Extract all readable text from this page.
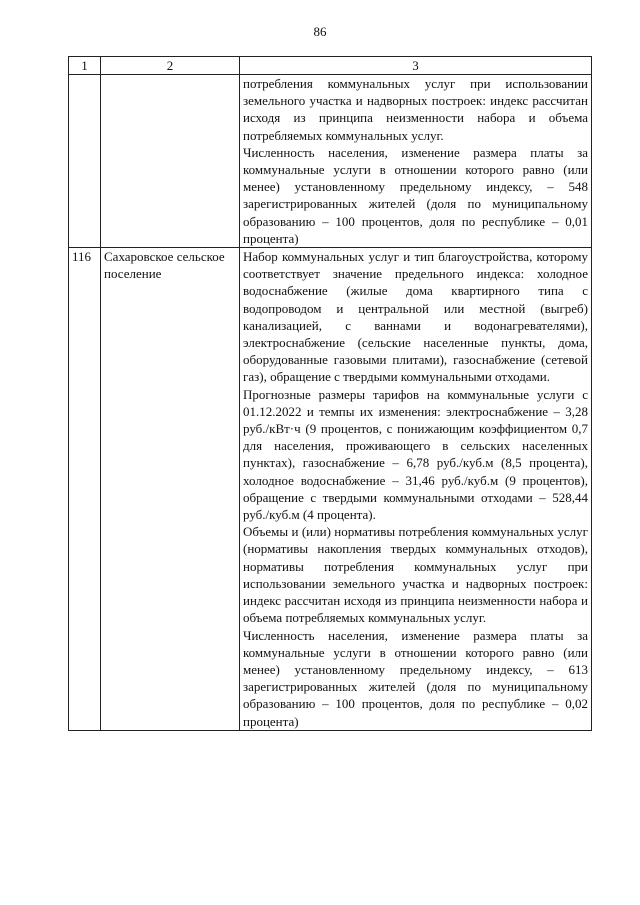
86
1	2	3

		потребления коммунальных услуг при использовании земельного участка и надворных построек: индекс рассчитан исходя из принципа неизменности набора и объема потребляемых коммунальных услуг.

Численность населения, изменение размера платы за коммунальные услуги в отношении которого равно (или менее) установленному предельному индексу, – 548 зарегистрированных жителей (доля по муниципальному образованию – 100 процентов, доля по республике – 0,01 процента)

116	Сахаровское сельское поселение	Набор коммунальных услуг и тип благоустройства, которому соответствует значение предельного индекса: холодное водоснабжение (жилые дома квартирного типа с водопроводом и центральной или местной (выгреб) канализацией, с ваннами и водонагревателями), электроснабжение (сельские населенные пункты, дома, оборудованные газовыми плитами), газоснабжение (сетевой газ), обращение с твердыми коммунальными отходами.

Прогнозные размеры тарифов на коммунальные услуги с 01.12.2022 и темпы их изменения: электроснабжение – 3,28 руб./кВт·ч (9 процентов, с понижающим коэффициентом 0,7 для населения, проживающего в сельских населенных пунктах), газоснабжение – 6,78 руб./куб.м (8,5 процента), холодное водоснабжение – 31,46 руб./куб.м (9 процентов), обращение с твердыми коммунальными отходами – 528,44 руб./куб.м (4 процента).

Объемы и (или) нормативы потребления коммунальных услуг (нормативы накопления твердых коммунальных отходов), нормативы потребления коммунальных услуг при использовании земельного участка и надворных построек: индекс рассчитан исходя из принципа неизменности набора и объема потребляемых коммунальных услуг.

Численность населения, изменение размера платы за коммунальные услуги в отношении которого равно (или менее) установленному предельному индексу, – 613 зарегистрированных жителей (доля по муниципальному образованию – 100 процентов, доля по республике – 0,02 процента)
